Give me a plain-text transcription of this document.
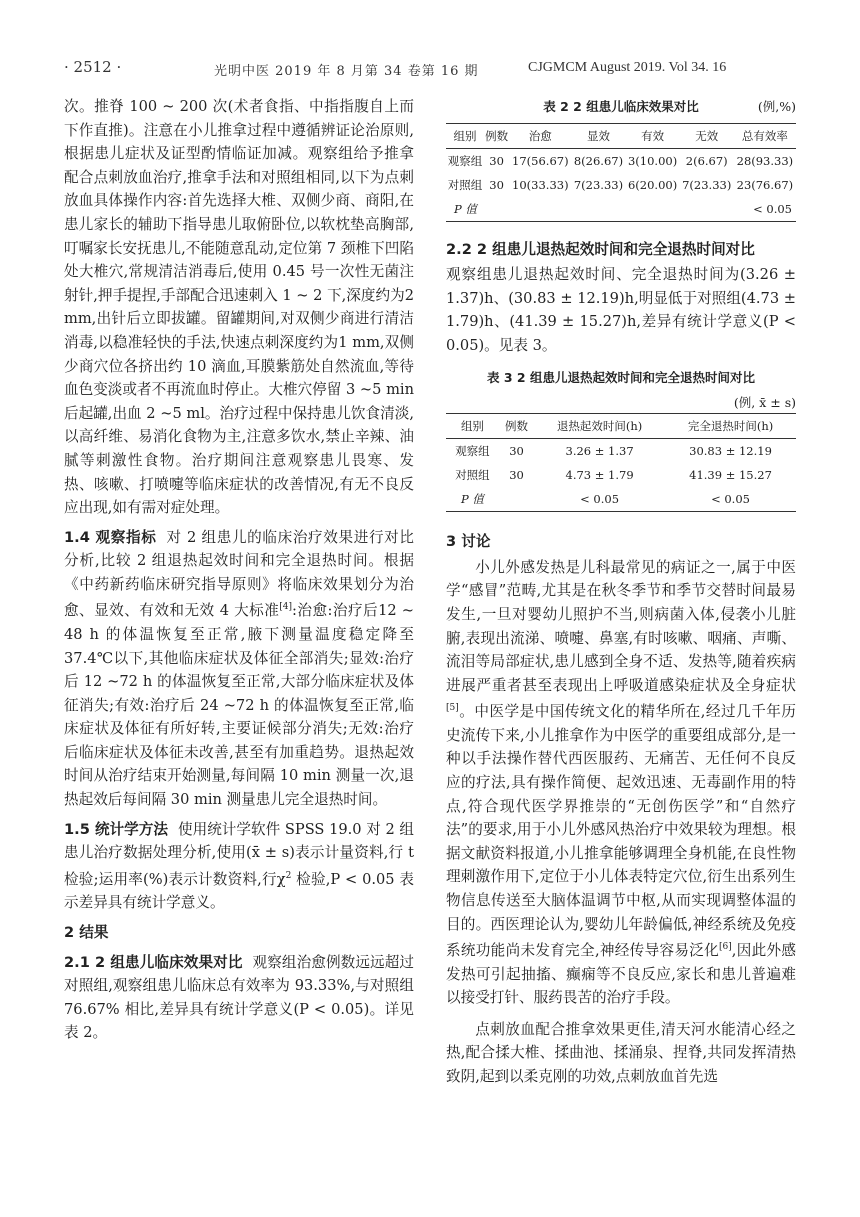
· 2512 ·	光明中医 2019 年 8 月第 34 卷第 16 期	CJGMCM August 2019. Vol 34. 16

次。推脊 100 ~ 200 次(术者食指、中指指腹自上而下作直推)。注意在小儿推拿过程中遵循辨证论治原则,根据患儿症状及证型酌情临证加减。观察组给予推拿配合点刺放血治疗,推拿手法和对照组相同,以下为点刺放血具体操作内容:首先选择大椎、双侧少商、商阳,在患儿家长的辅助下指导患儿取俯卧位,以软枕垫高胸部,叮嘱家长安抚患儿,不能随意乱动,定位第 7 颈椎下凹陷处大椎穴,常规清洁消毒后,使用 0.45 号一次性无菌注射针,押手提捏,手部配合迅速刺入 1 ~ 2 下,深度约为2 mm,出针后立即拔罐。留罐期间,对双侧少商进行清洁消毒,以稳准轻快的手法,快速点刺深度约为1 mm,双侧少商穴位各挤出约 10 滴血,耳膜紫筋处自然流血,等待血色变淡或者不再流血时停止。大椎穴停留 3 ~5 min 后起罐,出血 2 ~5 ml。治疗过程中保持患儿饮食清淡,以高纤维、易消化食物为主,注意多饮水,禁止辛辣、油腻等刺激性食物。治疗期间注意观察患儿畏寒、发热、咳嗽、打喷嚏等临床症状的改善情况,有无不良反应出现,如有需对症处理。

1.4 观察指标 对 2 组患儿的临床治疗效果进行对比分析,比较 2 组退热起效时间和完全退热时间。根据《中药新药临床研究指导原则》将临床效果划分为治愈、显效、有效和无效 4 大标准[4]:治愈:治疗后12 ~ 48 h 的体温恢复至正常,腋下测量温度稳定降至 37.4℃以下,其他临床症状及体征全部消失;显效:治疗后 12 ~72 h 的体温恢复至正常,大部分临床症状及体征消失;有效:治疗后 24 ~72 h 的体温恢复至正常,临床症状及体征有所好转,主要证候部分消失;无效:治疗后临床症状及体征未改善,甚至有加重趋势。退热起效时间从治疗结束开始测量,每间隔 10 min 测量一次,退热起效后每间隔 30 min 测量患儿完全退热时间。

1.5 统计学方法 使用统计学软件 SPSS 19.0 对 2 组患儿治疗数据处理分析,使用(x̄ ± s)表示计量资料,行 t 检验;运用率(%)表示计数资料,行$\chi^2$ 检验,P < 0.05 表示差异具有统计学意义。

2 结果

2.1 2 组患儿临床效果对比 观察组治愈例数远远超过对照组,观察组患儿临床总有效率为 93.33%,与对照组 76.67% 相比,差异具有统计学意义(P < 0.05)。详见表 2。

表 2 2 组患儿临床效果对比	(例,%)
组别	例数	治愈	显效	有效	无效	总有效率
观察组	30	17(56.67)	8(26.67)	3(10.00)	2(6.67)	28(93.33)
对照组	30	10(33.33)	7(23.33)	6(20.00)	7(23.33)	23(76.67)
P 值					< 0.05	

2.2 2 组患儿退热起效时间和完全退热时间对比

观察组患儿退热起效时间、完全退热时间为(3.26 ± 1.37)h、(30.83 ± 12.19)h,明显低于对照组(4.73 ± 1.79)h、(41.39 ± 15.27)h,差异有统计学意义(P < 0.05)。见表 3。

表 3 2 组患儿退热起效时间和完全退热时间对比
(例, x̄ ± s)
组别	例数	退热起效时间(h)	完全退热时间(h)
观察组	30	3.26 ± 1.37	30.83 ± 12.19
对照组	30	4.73 ± 1.79	41.39 ± 15.27
P 值		< 0.05	< 0.05

3 讨论

小儿外感发热是儿科最常见的病证之一,属于中医学“感冒”范畴,尤其是在秋冬季节和季节交替时间最易发生,一旦对婴幼儿照护不当,则病菌入体,侵袭小儿脏腑,表现出流涕、喷嚏、鼻塞,有时咳嗽、咽痛、声嘶、流泪等局部症状,患儿感到全身不适、发热等,随着疾病进展严重者甚至表现出上呼吸道感染症状及全身症状[5]。中医学是中国传统文化的精华所在,经过几千年历史流传下来,小儿推拿作为中医学的重要组成部分,是一种以手法操作替代西医服药、无痛苦、无任何不良反应的疗法,具有操作简便、起效迅速、无毒副作用的特点,符合现代医学界推崇的“无创伤医学”和“自然疗法”的要求,用于小儿外感风热治疗中效果较为理想。根据文献资料报道,小儿推拿能够调理全身机能,在良性物理刺激作用下,定位于小儿体表特定穴位,衍生出系列生物信息传送至大脑体温调节中枢,从而实现调整体温的目的。西医理论认为,婴幼儿年龄偏低,神经系统及免疫系统功能尚未发育完全,神经传导容易泛化[6],因此外感发热可引起抽搐、癫痫等不良反应,家长和患儿普遍难以接受打针、服药畏苦的治疗手段。

点刺放血配合推拿效果更佳,清天河水能清心经之热,配合揉大椎、揉曲池、揉涌泉、捏脊,共同发挥清热致阴,起到以柔克刚的功效,点刺放血首先选
